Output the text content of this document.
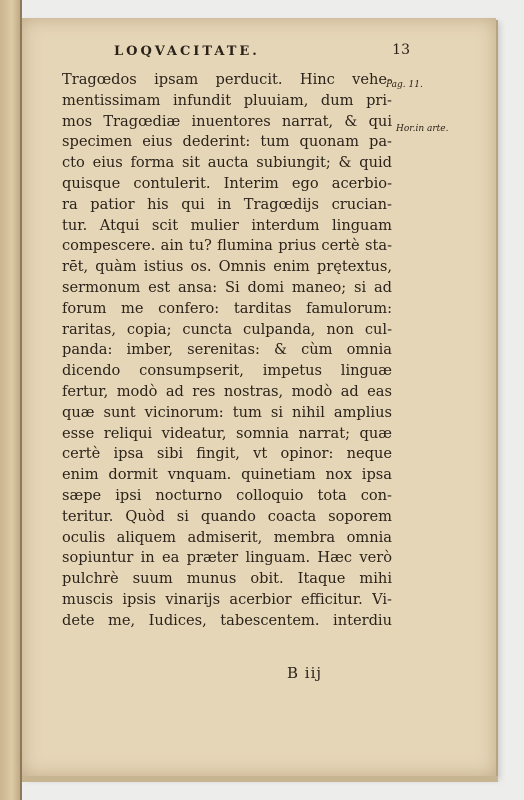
LOQVACITATE.	13
Pag. 11.
Hor.in arte.
Tragœdos ipsam perducit. Hinc vehe-
mentissimam infundit pluuiam, dum pri-
mos Tragœdiæ inuentores narrat, & qui
specimen eius dederint: tum quonam pa-
cto eius forma sit aucta subiungit; & quid
quisque contulerit. Interim ego acerbio-
ra patior his qui in Tragœdijs crucian-
tur. Atqui scit mulier interdum linguam
compescere. ain tu? flumina prius certè sta-
rēt, quàm istius os. Omnis enim prętextus,
sermonum est ansa: Si domi maneo; si ad
forum me confero: tarditas famulorum:
raritas, copia; cuncta culpanda, non cul-
panda: imber, serenitas: & cùm omnia
dicendo consumpserit, impetus linguæ
fertur, modò ad res nostras, modò ad eas
quæ sunt vicinorum: tum si nihil amplius
esse reliqui videatur, somnia narrat; quæ
certè ipsa sibi fingit, vt opinor: neque
enim dormit vnquam. quinetiam nox ipsa
sæpe ipsi nocturno colloquio tota con-
teritur. Quòd si quando coacta soporem
oculis aliquem admiserit, membra omnia
sopiuntur in ea præter linguam. Hæc verò
pulchrè suum munus obit. Itaque mihi
muscis ipsis vinarijs acerbior efficitur. Vi-
dete me, Iudices, tabescentem. interdiu
B iij
